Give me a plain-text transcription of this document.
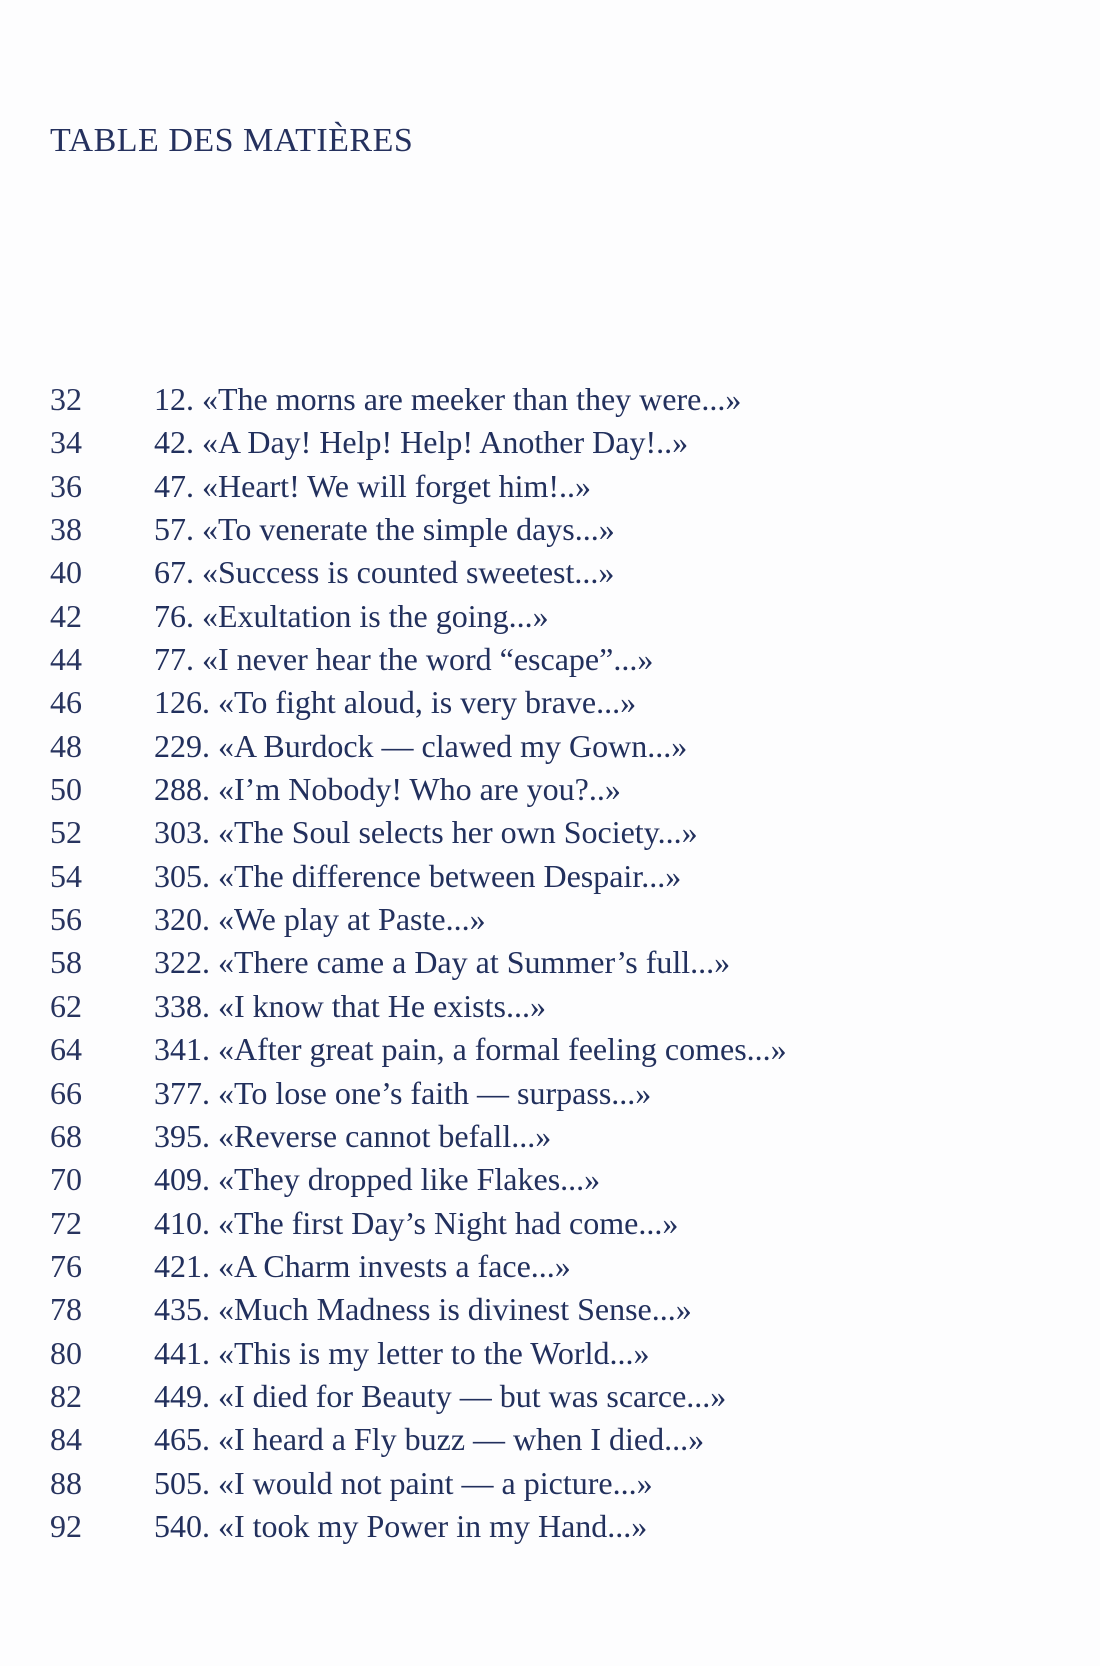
TABLE DES MATIÈRES
32	12. «The morns are meeker than they were...»
34	42. «A Day! Help! Help! Another Day!..»
36	47. «Heart! We will forget him!..»
38	57. «To venerate the simple days...»
40	67. «Success is counted sweetest...»
42	76. «Exultation is the going...»
44	77. «I never hear the word “escape”...»
46	126. «To fight aloud, is very brave...»
48	229. «A Burdock — clawed my Gown...»
50	288. «I’m Nobody! Who are you?..»
52	303. «The Soul selects her own Society...»
54	305. «The difference between Despair...»
56	320. «We play at Paste...»
58	322. «There came a Day at Summer’s full...»
62	338. «I know that He exists...»
64	341. «After great pain, a formal feeling comes...»
66	377. «To lose one’s faith — surpass...»
68	395. «Reverse cannot befall...»
70	409. «They dropped like Flakes...»
72	410. «The first Day’s Night had come...»
76	421. «A Charm invests a face...»
78	435. «Much Madness is divinest Sense...»
80	441. «This is my letter to the World...»
82	449. «I died for Beauty — but was scarce...»
84	465. «I heard a Fly buzz — when I died...»
88	505. «I would not paint — a picture...»
92	540. «I took my Power in my Hand...»
